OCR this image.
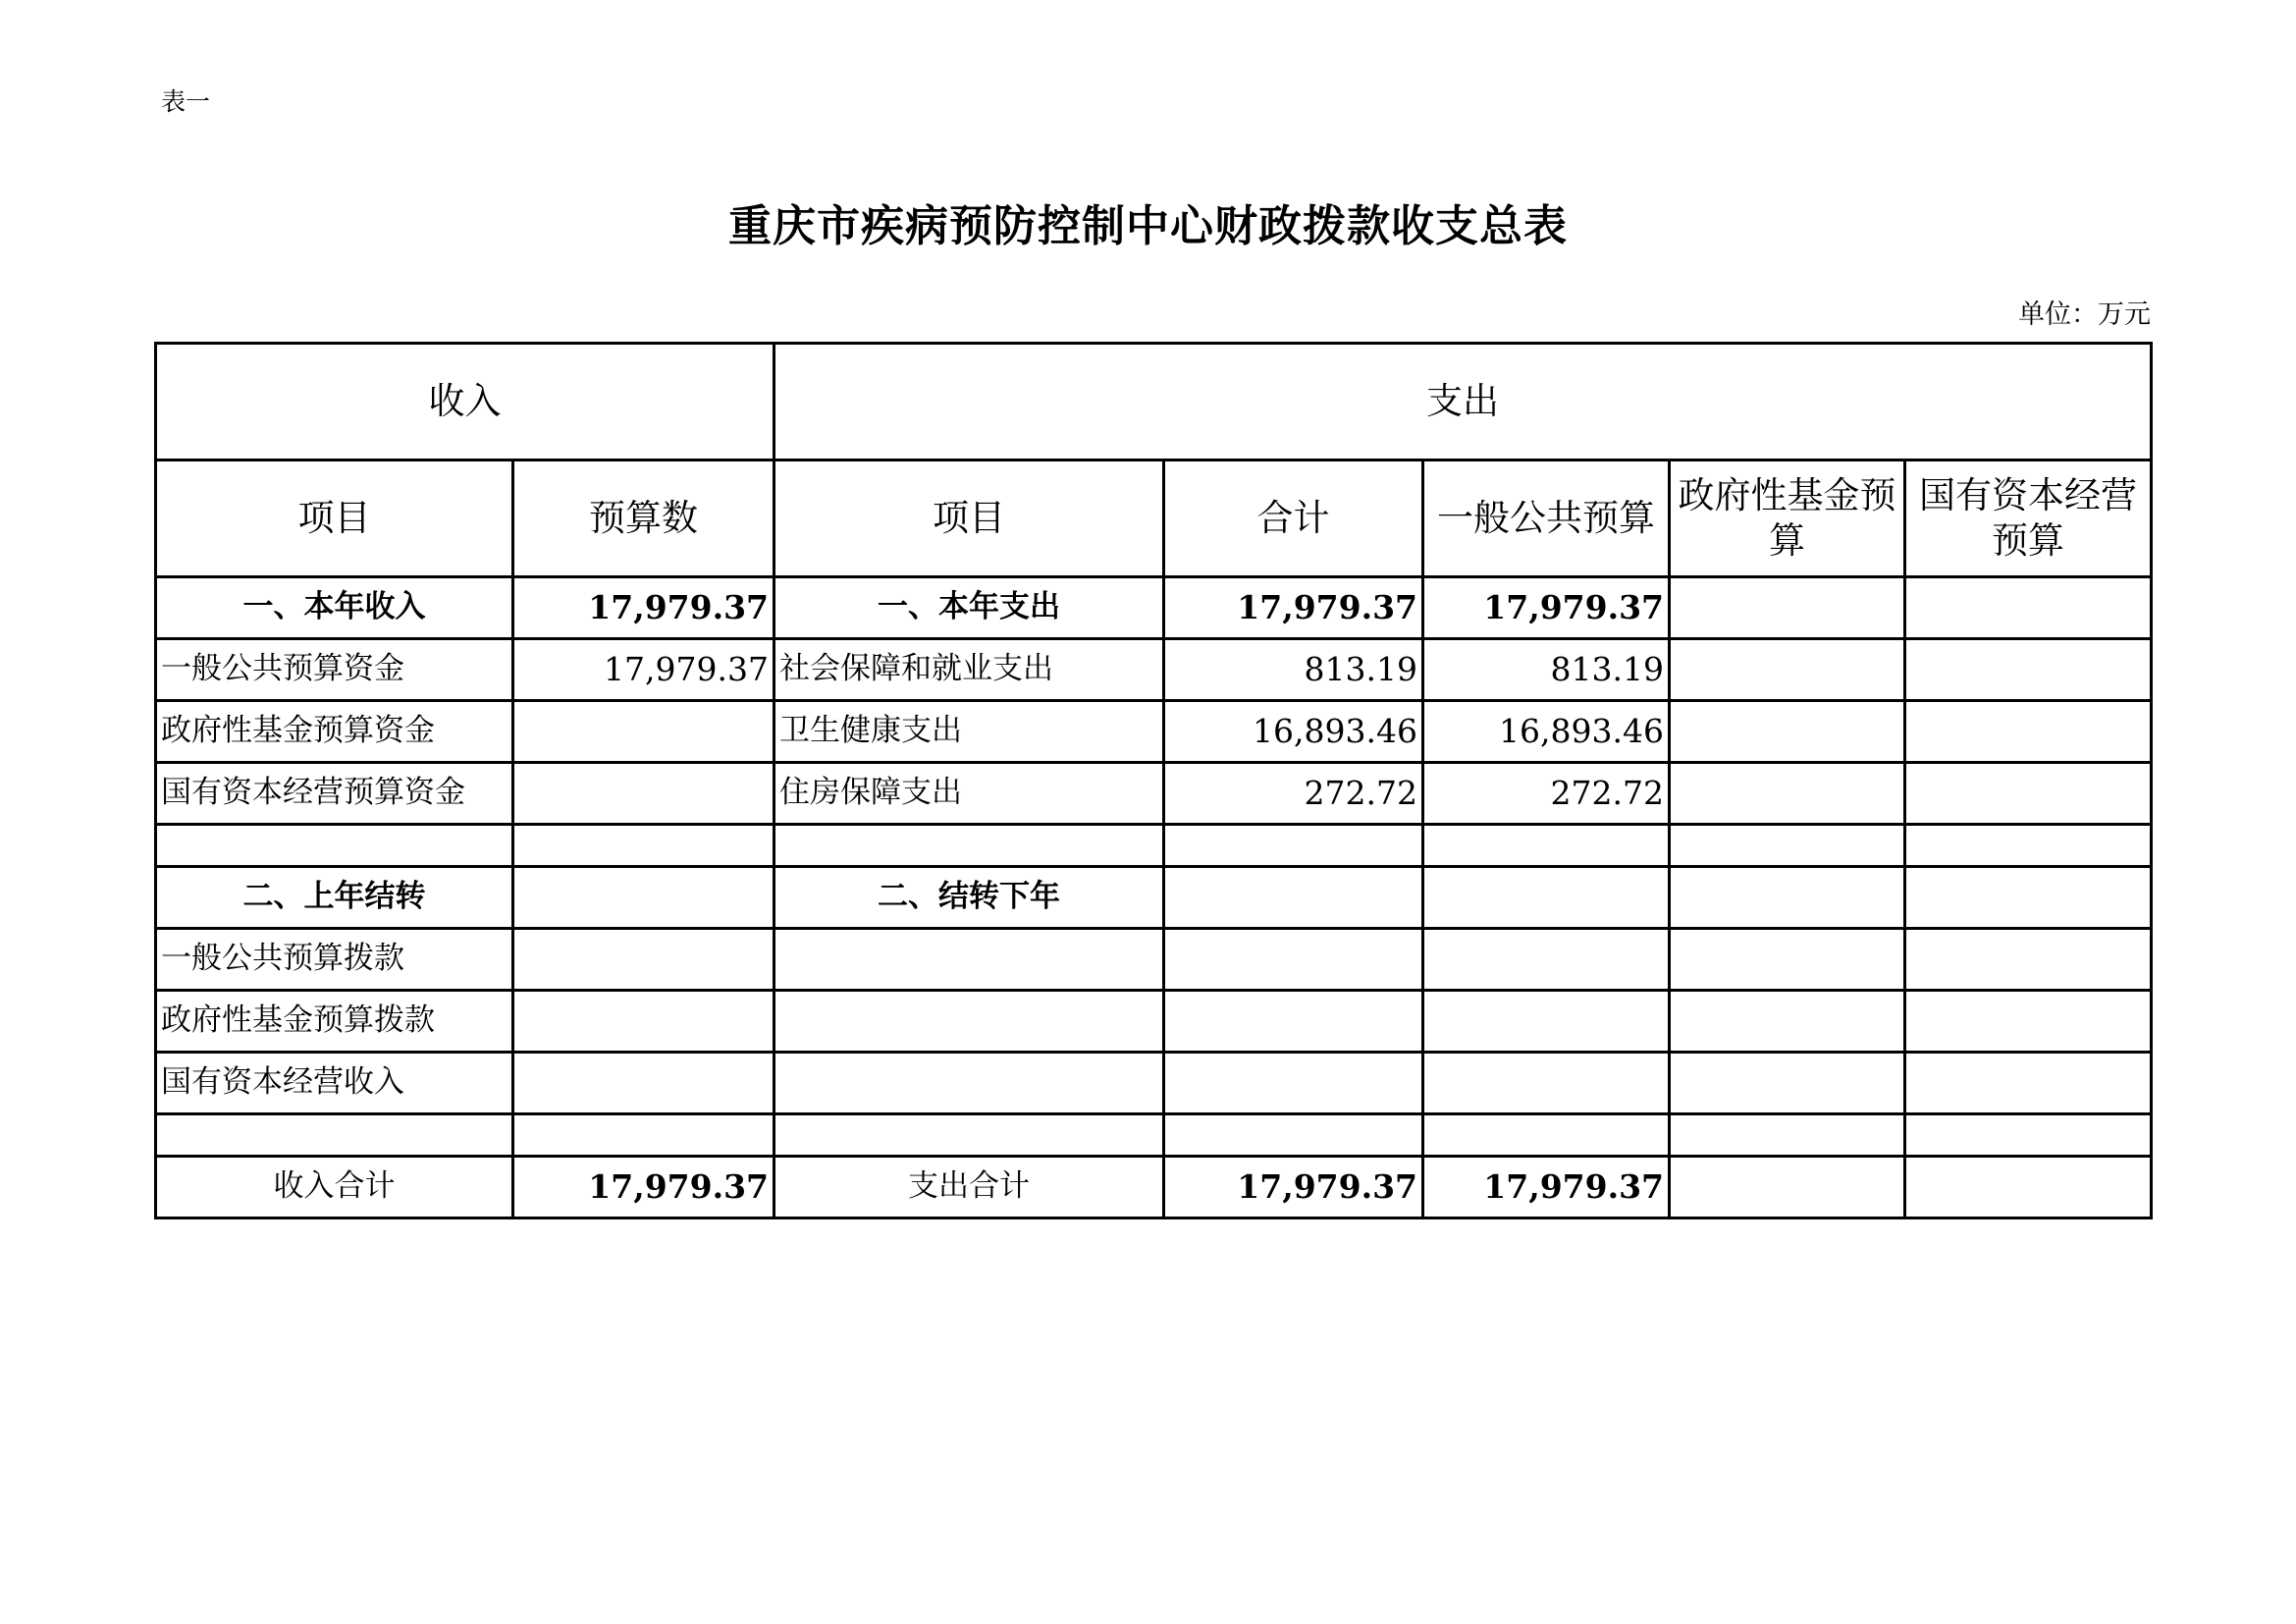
表一
重庆市疾病预防控制中心财政拨款收支总表
单位：万元
收入		支出				
项目	预算数	项目	合计	一般公共预算	政府性基金预算	国有资本经营预算
一、本年收入	17,979.37	一、本年支出	17,979.37	17,979.37		
一般公共预算资金	17,979.37	社会保障和就业支出	813.19	813.19		
政府性基金预算资金		卫生健康支出	16,893.46	16,893.46		
国有资本经营预算资金		住房保障支出	272.72	272.72		

二、上年结转		二、结转下年				
一般公共预算拨款						
政府性基金预算拨款						
国有资本经营收入						

收入合计	17,979.37	支出合计	17,979.37	17,979.37		
